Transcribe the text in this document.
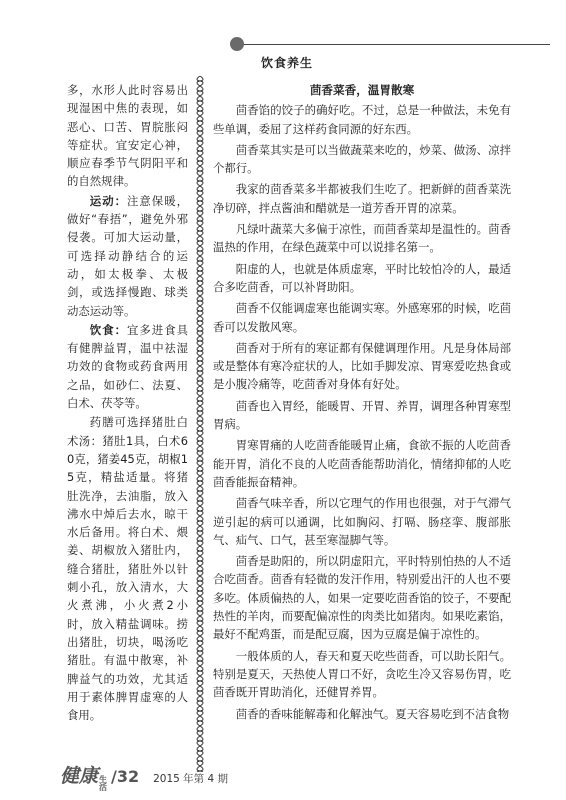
饮食养生

多，水形人此时容易出现湿困中焦的表现，如恶心、口苦、胃脘胀闷等症状。宜安定心神，顺应春季节气阴阳平和的自然规律。

运动：注意保暖，做好“春捂”，避免外邪侵袭。可加大运动量，可选择动静结合的运动，如太极拳、太极剑，或选择慢跑、球类动态运动等。

饮食：宜多进食具有健脾益胃，温中祛湿功效的食物或药食两用之品，如砂仁、法夏、白术、茯苓等。

药膳可选择猪肚白术汤：猪肚1具，白术60克，猪姜45克，胡椒15克，精盐适量。将猪肚洗净，去油脂，放入沸水中焯后去水，晾干水后备用。将白术、煨姜、胡椒放入猪肚内，缝合猪肚，猪肚外以针刺小孔，放入清水，大火煮沸，小火煮2小时，放入精盐调味。捞出猪肚，切块，喝汤吃猪肚。有温中散寒，补脾益气的功效，尤其适用于素体脾胃虚寒的人食用。

茴香菜香，温胃散寒

茴香馅的饺子的确好吃。不过，总是一种做法，未免有些单调，委屈了这样药食同源的好东西。

茴香菜其实是可以当做蔬菜来吃的，炒菜、做汤、凉拌个都行。

我家的茴香菜多半都被我们生吃了。把新鲜的茴香菜洗净切碎，拌点酱油和醋就是一道芳香开胃的凉菜。

凡绿叶蔬菜大多偏于凉性，而茴香菜却是温性的。茴香温热的作用，在绿色蔬菜中可以说排名第一。

阳虚的人，也就是体质虚寒，平时比较怕冷的人，最适合多吃茴香，可以补肾助阳。

茴香不仅能调虚寒也能调实寒。外感寒邪的时候，吃茴香可以发散风寒。

茴香对于所有的寒证都有保健调理作用。凡是身体局部或是整体有寒冷症状的人，比如手脚发凉、胃寒爱吃热食或是小腹冷痛等，吃茴香对身体有好处。

茴香也入胃经，能暖胃、开胃、养胃，调理各种胃寒型胃病。

胃寒胃痛的人吃茴香能暖胃止痛，食欲不振的人吃茴香能开胃，消化不良的人吃茴香能帮助消化，情绪抑郁的人吃茴香能振奋精神。

茴香气味辛香，所以它理气的作用也很强，对于气滞气逆引起的病可以通调，比如胸闷、打嗝、肠痉挛、腹部胀气、疝气、口气，甚至寒湿脚气等。

茴香是助阳的，所以阴虚阳亢，平时特别怕热的人不适合吃茴香。茴香有轻微的发汗作用，特别爱出汗的人也不要多吃。体质偏热的人，如果一定要吃茴香馅的饺子，不要配热性的羊肉，而要配偏凉性的肉类比如猪肉。如果吃素馅，最好不配鸡蛋，而是配豆腐，因为豆腐是偏于凉性的。

一般体质的人，春天和夏天吃些茴香，可以助长阳气。特别是夏天，天热使人胃口不好，贪吃生冷又容易伤胃，吃茴香既开胃助消化，还健胃养胃。

茴香的香味能解毒和化解浊气。夏天容易吃到不洁食物

健康 生活
/32 2015 年第 4 期
